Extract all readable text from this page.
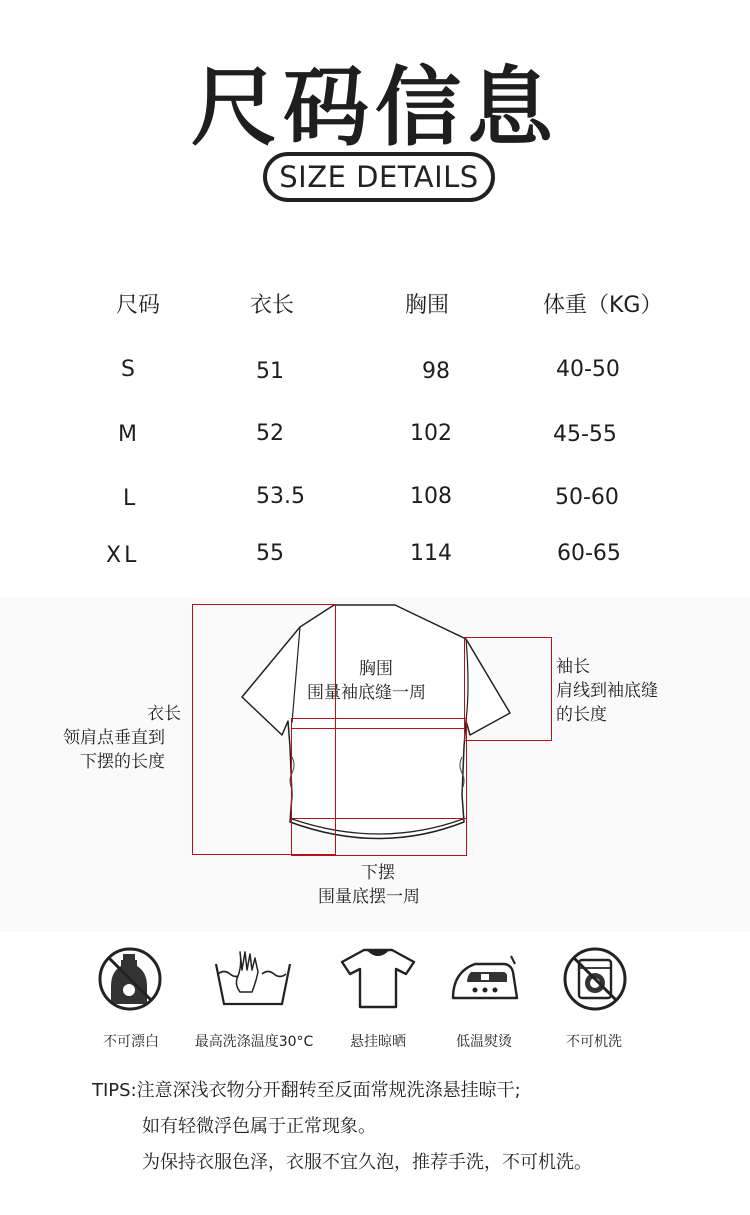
尺码信息
SIZE DETAILS
尺码	衣长	胸围	体重（KG）
S	51	98	40-50
M	52	102	45-55
L	53.5	108	50-60
XL	55	114	60-65
胸围
围量袖底缝一周
袖长
肩线到袖底缝
的长度
衣长
领肩点垂直到
下摆的长度
下摆
围量底摆一周
不可漂白	最高洗涤温度30°C	悬挂晾晒	低温熨烫	不可机洗
TIPS:注意深浅衣物分开翻转至反面常规洗涤悬挂晾干;
如有轻微浮色属于正常现象。
为保持衣服色泽，衣服不宜久泡，推荐手洗，不可机洗。
